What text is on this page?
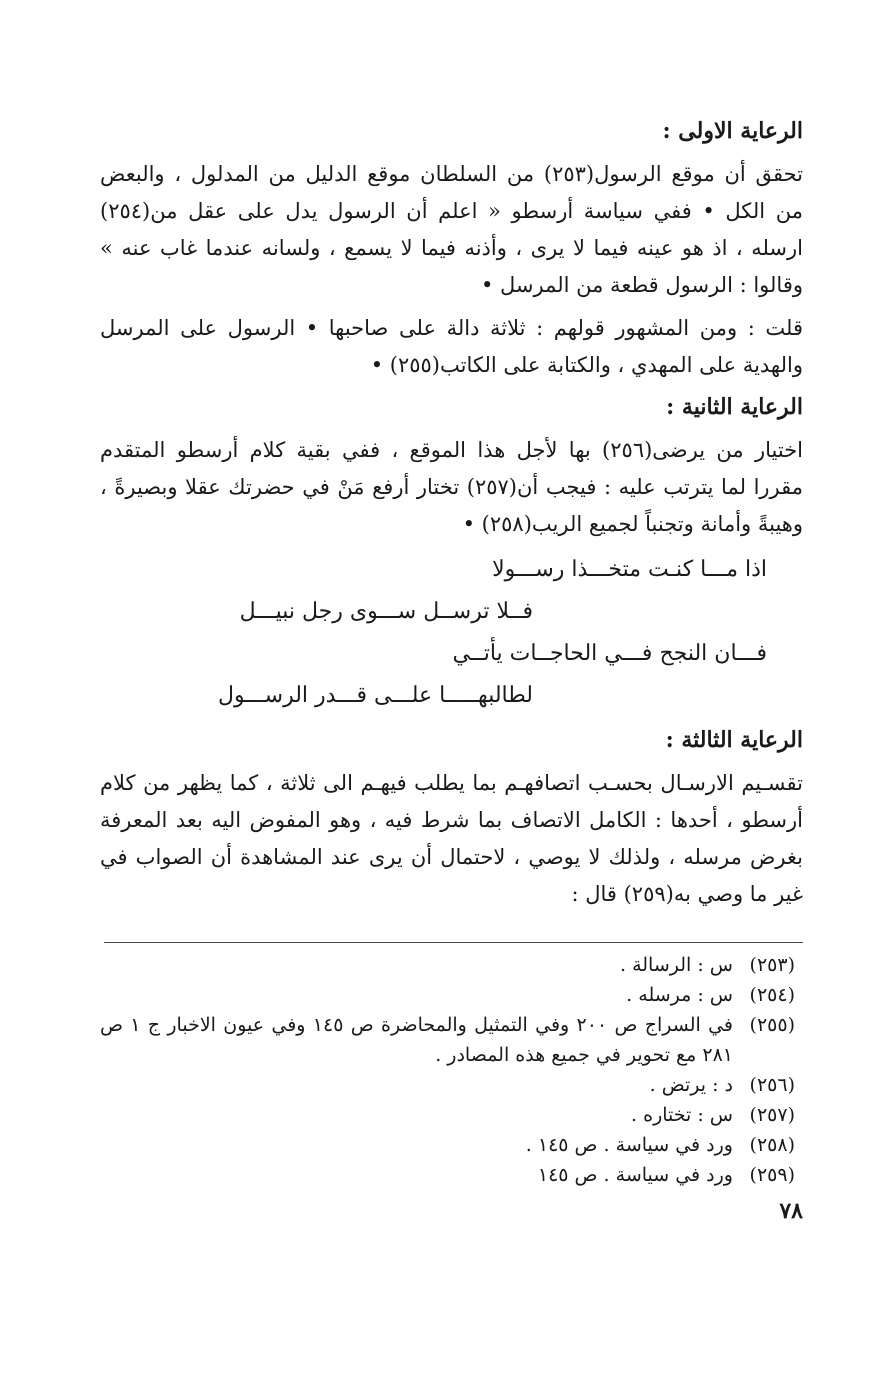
الرعاية الاولى :

تحقق أن موقع الرسول(٢٥٣) من السلطان موقع الدليل من المدلول ، والبعض من الكل • ففي سياسة أرسطو « اعلم أن الرسول يدل على عقل من(٢٥٤) ارسله ، اذ هو عينه فيما لا يرى ، وأذنه فيما لا يسمع ، ولسانه عندما غاب عنه » وقالوا : الرسول قطعة من المرسل •

قلت : ومن المشهور قولهم : ثلاثة دالة على صاحبها • الرسول على المرسل والهدية على المهدي ، والكتابة على الكاتب(٢٥٥) •

الرعاية الثانية :

اختيار من يرضى(٢٥٦) بها لأجل هذا الموقع ، ففي بقية كلام أرسطو المتقدم مقررا لما يترتب عليه : فيجب أن(٢٥٧) تختار أرفع مَنْ في حضرتك عقلا وبصيرةً ، وهيبةً وأمانة وتجنباً لجميع الريب(٢٥٨) •

اذا مـــا كنـت متخـــذا رســـولا
فــلا ترســل ســـوى رجل نبيـــل
فـــان النجح فـــي الحاجــات يأتــي
لطالبهـــــا علـــى قـــدر الرســـول
الرعاية الثالثة :

تقسـيم الارسـال بحسـب اتصافهـم بما يطلب فيهـم الى ثلاثة ، كما يظهر من كلام أرسطو ، أحدها : الكامل الاتصاف بما شرط فيه ، وهو المفوض اليه بعد المعرفة بغرض مرسله ، ولذلك لا يوصي ، لاحتمال أن يرى عند المشاهدة أن الصواب في غير ما وصي به(٢٥٩) قال :

(٢٥٣)
س : الرسالة .
(٢٥٤)
س : مرسله .
(٢٥٥)
في السراج ص ٢٠٠ وفي التمثيل والمحاضرة ص ١٤٥ وفي عيون الاخبار ج ١ ص ٢٨١ مع تحوير في جميع هذه المصادر .
(٢٥٦)
د : يرتض .
(٢٥٧)
س : تختاره .
(٢٥٨)
ورد في سياسة . ص ١٤٥ .
(٢٥٩)
ورد في سياسة . ص ١٤٥
٧٨
